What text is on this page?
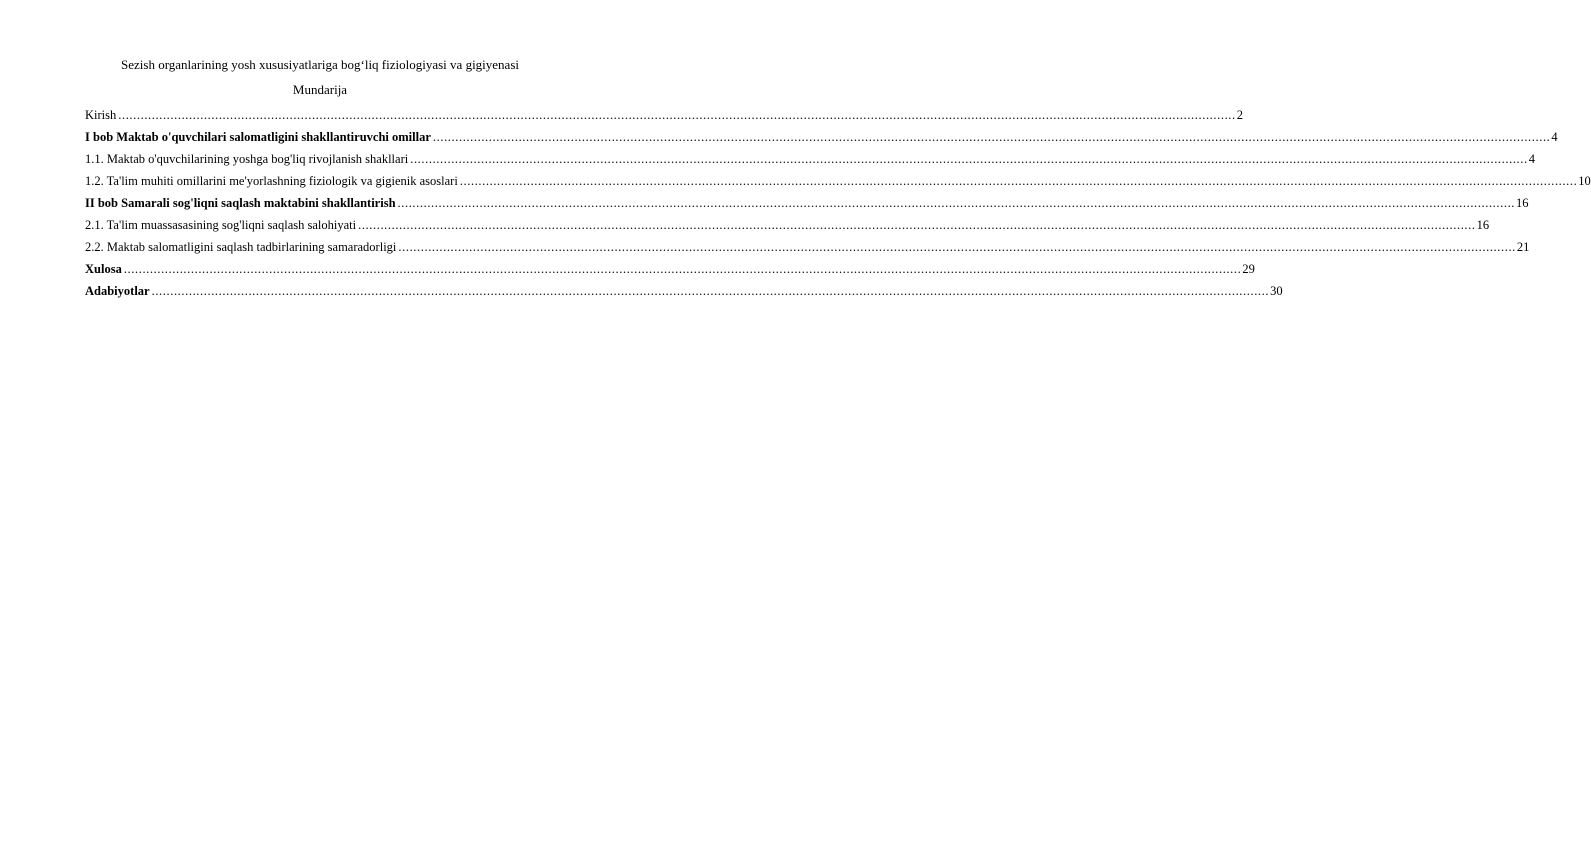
Sezish organlarining yosh xususiyatlariga bog‘liq fiziologiyasi va gigiyenasi
Mundarija
Kirish ............................................................................................................................................................................................................................................................................................................ 2
I bob Maktab o'quvchilari salomatligini shakllantiruvchi omillar ............................................................................................................................................................................................................................................................................................................ 4
1.1. Maktab o'quvchilarining yoshga bog'liq rivojlanish shakllari ............................................................................................................................................................................................................................................................................................................ 4
1.2. Ta'lim muhiti omillarini me'yorlashning fiziologik va gigienik asoslari ............................................................................................................................................................................................................................................................................................................ 10
II bob Samarali sog'liqni saqlash maktabini shakllantirish ............................................................................................................................................................................................................................................................................................................ 16
2.1. Ta'lim muassasasining sog'liqni saqlash salohiyati ............................................................................................................................................................................................................................................................................................................ 16
2.2. Maktab salomatligini saqlash tadbirlarining samaradorligi ............................................................................................................................................................................................................................................................................................................ 21
Xulosa ............................................................................................................................................................................................................................................................................................................ 29
Adabiyotlar ............................................................................................................................................................................................................................................................................................................ 30
